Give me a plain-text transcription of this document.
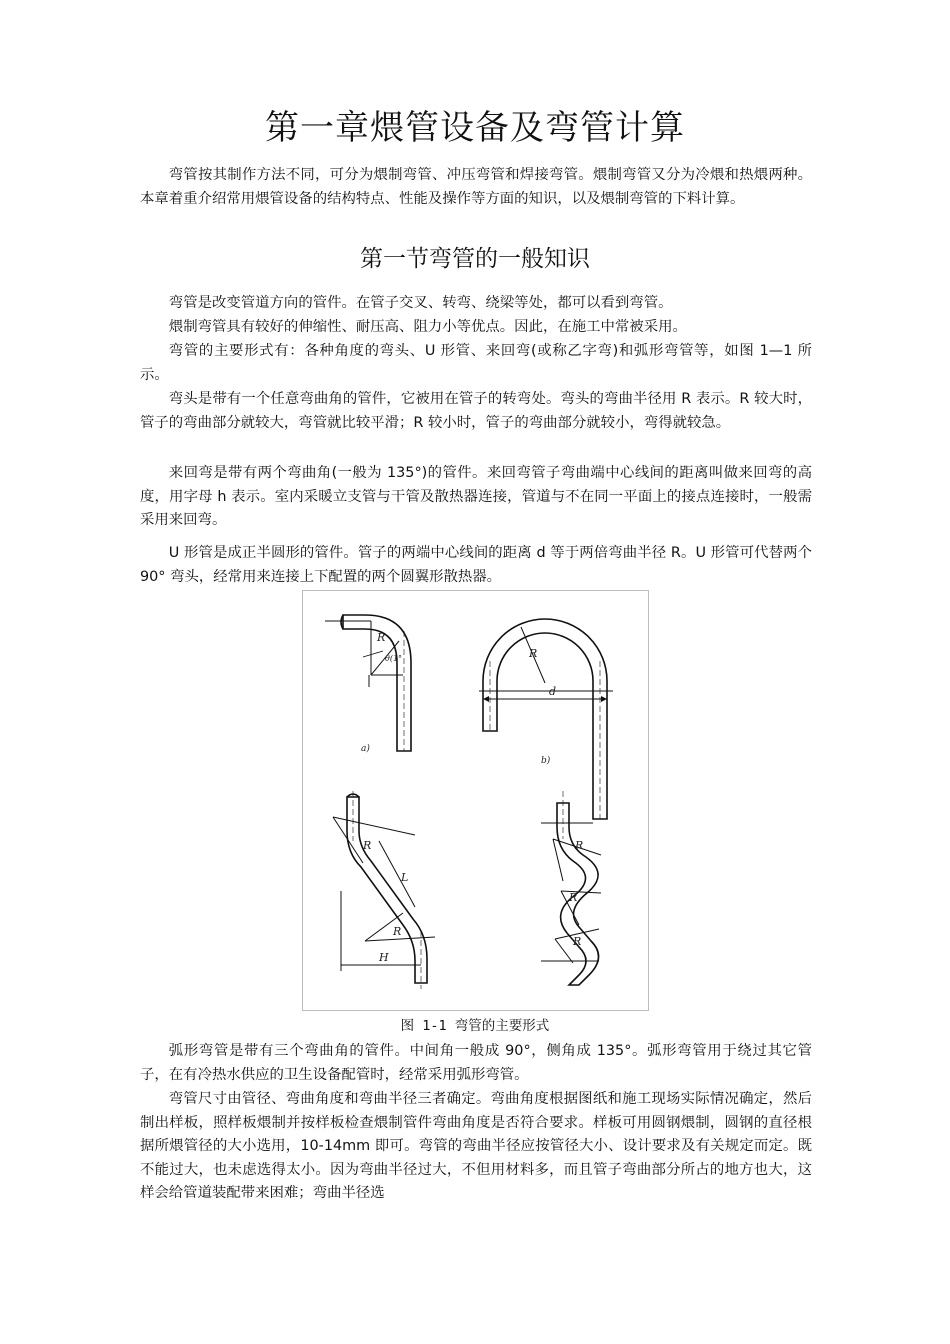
第一章煨管设备及弯管计算

弯管按其制作方法不同，可分为煨制弯管、冲压弯管和焊接弯管。煨制弯管又分为冷煨和热煨两种。本章着重介绍常用煨管设备的结构特点、性能及操作等方面的知识，以及煨制弯管的下料计算。

第一节弯管的一般知识

弯管是改变管道方向的管件。在管子交叉、转弯、绕梁等处，都可以看到弯管。

煨制弯管具有较好的伸缩性、耐压高、阻力小等优点。因此，在施工中常被采用。

弯管的主要形式有：各种角度的弯头、U 形管、来回弯(或称乙字弯)和弧形弯管等，如图 1—1 所示。

弯头是带有一个任意弯曲角的管件，它被用在管子的转弯处。弯头的弯曲半径用 R 表示。R 较大时，管子的弯曲部分就较大，弯管就比较平滑；R 较小时，管子的弯曲部分就较小，弯得就较急。

来回弯是带有两个弯曲角(一般为 135°)的管件。来回弯管子弯曲端中心线间的距离叫做来回弯的高度，用字母 h 表示。室内采暖立支管与干管及散热器连接，管道与不在同一平面上的接点连接时，一般需采用来回弯。

U 形管是成正半圆形的管件。管子的两端中心线间的距离 d 等于两倍弯曲半径 R。U 形管可代替两个 90° 弯头，经常用来连接上下配置的两个圆翼形散热器。

R
θ(1°
a)
R
d
b)
R
R
L
H
R
R
R
图 1-1 弯管的主要形式

弧形弯管是带有三个弯曲角的管件。中间角一般成 90°，侧角成 135°。弧形弯管用于绕过其它管子，在有冷热水供应的卫生设备配管时，经常采用弧形弯管。

弯管尺寸由管径、弯曲角度和弯曲半径三者确定。弯曲角度根据图纸和施工现场实际情况确定，然后制出样板，照样板煨制并按样板检查煨制管件弯曲角度是否符合要求。样板可用圆钢煨制，圆钢的直径根据所煨管径的大小选用，10-14mm 即可。弯管的弯曲半径应按管径大小、设计要求及有关规定而定。既不能过大，也未虑选得太小。因为弯曲半径过大，不但用材料多，而且管子弯曲部分所占的地方也大，这样会给管道装配带来困难；弯曲半径选
